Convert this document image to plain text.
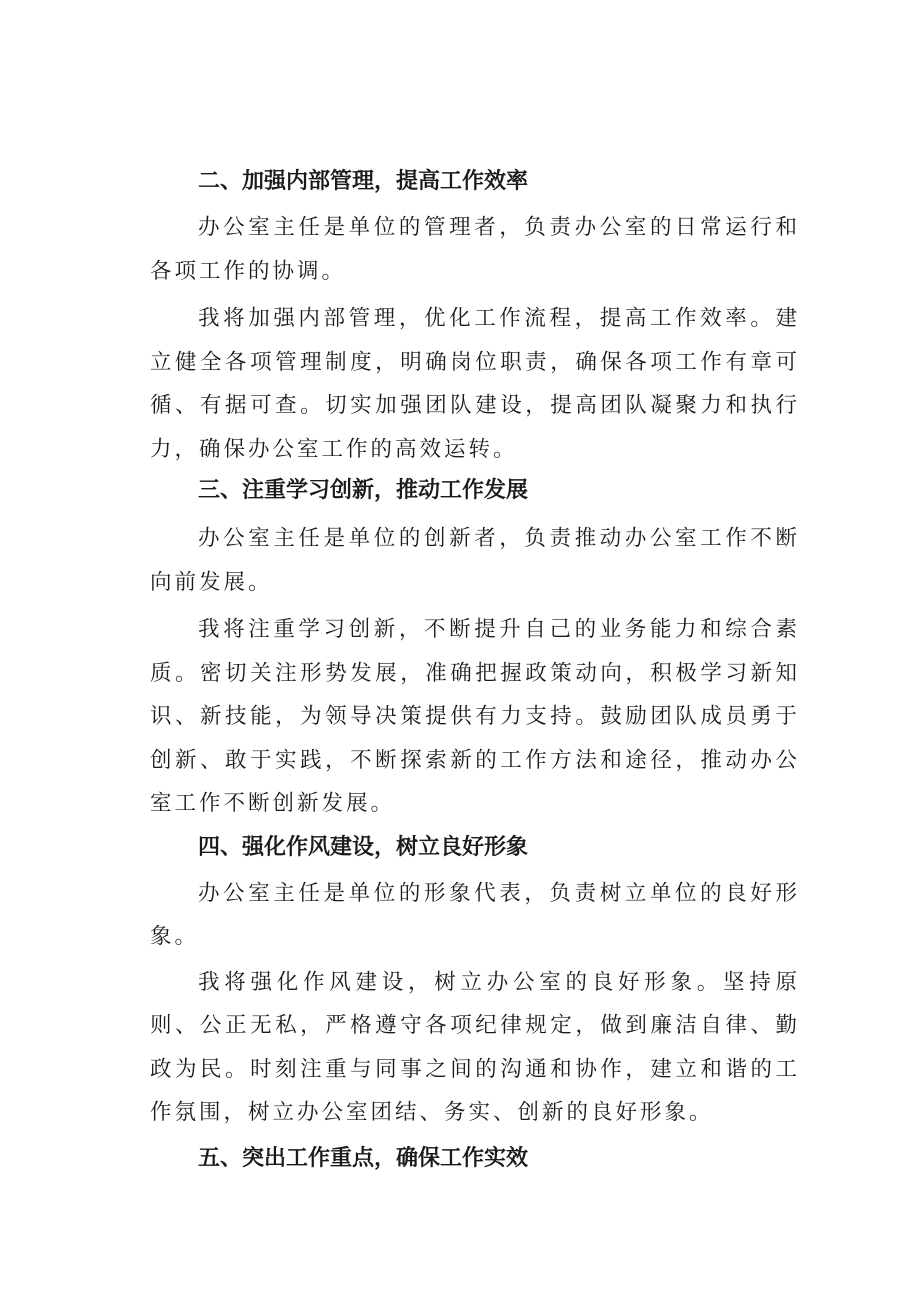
二、加强内部管理，提高工作效率

办公室主任是单位的管理者，负责办公室的日常运行和各项工作的协调。

我将加强内部管理，优化工作流程，提高工作效率。建立健全各项管理制度，明确岗位职责，确保各项工作有章可循、有据可查。切实加强团队建设，提高团队凝聚力和执行力，确保办公室工作的高效运转。

三、注重学习创新，推动工作发展

办公室主任是单位的创新者，负责推动办公室工作不断向前发展。

我将注重学习创新，不断提升自己的业务能力和综合素质。密切关注形势发展，准确把握政策动向，积极学习新知识、新技能，为领导决策提供有力支持。鼓励团队成员勇于创新、敢于实践，不断探索新的工作方法和途径，推动办公室工作不断创新发展。

四、强化作风建设，树立良好形象

办公室主任是单位的形象代表，负责树立单位的良好形象。

我将强化作风建设，树立办公室的良好形象。坚持原则、公正无私，严格遵守各项纪律规定，做到廉洁自律、勤政为民。时刻注重与同事之间的沟通和协作，建立和谐的工作氛围，树立办公室团结、务实、创新的良好形象。

五、突出工作重点，确保工作实效
